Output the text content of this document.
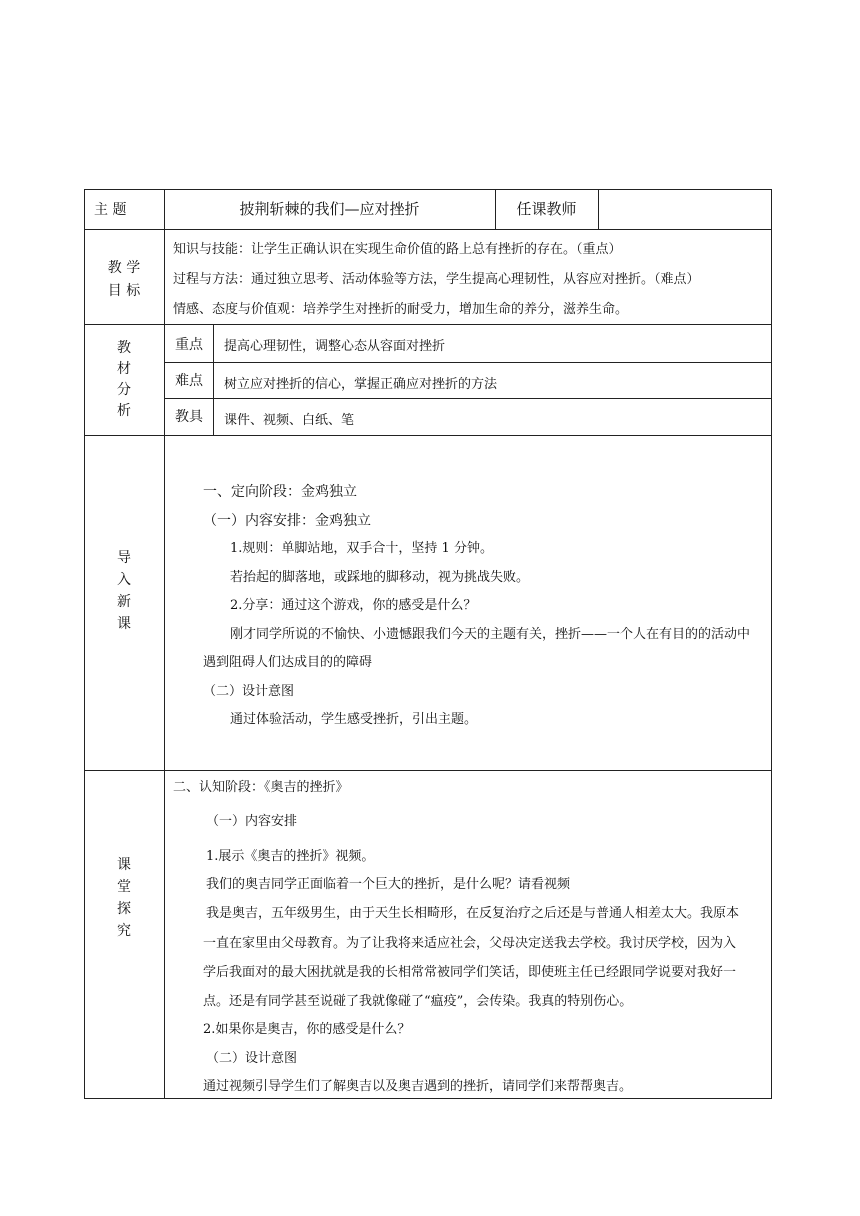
主 题	披荆斩棘的我们—应对挫折	任课教师
教 学
目 标
知识与技能：让学生正确认识在实现生命价值的路上总有挫折的存在。（重点）
过程与方法：通过独立思考、活动体验等方法，学生提高心理韧性，从容应对挫折。（难点）
情感、态度与价值观：培养学生对挫折的耐受力，增加生命的养分，滋养生命。
教
材
分
析
重点 提高心理韧性，调整心态从容面对挫折
难点 树立应对挫折的信心，掌握正确应对挫折的方法
教具 课件、视频、白纸、笔
导
入
新
课
一、定向阶段：金鸡独立
（一）内容安排：金鸡独立
1.规则：单脚站地，双手合十，坚持 1 分钟。
若抬起的脚落地，或踩地的脚移动，视为挑战失败。
2.分享：通过这个游戏，你的感受是什么？
刚才同学所说的不愉快、小遗憾跟我们今天的主题有关，挫折——一个人在有目的的活动中
遇到阻碍人们达成目的的障碍
（二）设计意图
通过体验活动，学生感受挫折，引出主题。
课
堂
探
究
二、认知阶段：《奥吉的挫折》
（一）内容安排
1.展示《奥吉的挫折》视频。
我们的奥吉同学正面临着一个巨大的挫折，是什么呢？请看视频
我是奥吉，五年级男生，由于天生长相畸形，在反复治疗之后还是与普通人相差太大。我原本
一直在家里由父母教育。为了让我将来适应社会，父母决定送我去学校。我讨厌学校，因为入
学后我面对的最大困扰就是我的长相常常被同学们笑话，即使班主任已经跟同学说要对我好一
点。还是有同学甚至说碰了我就像碰了“瘟疫”，会传染。我真的特别伤心。
2.如果你是奥吉，你的感受是什么？
（二）设计意图
通过视频引导学生们了解奥吉以及奥吉遇到的挫折，请同学们来帮帮奥吉。
